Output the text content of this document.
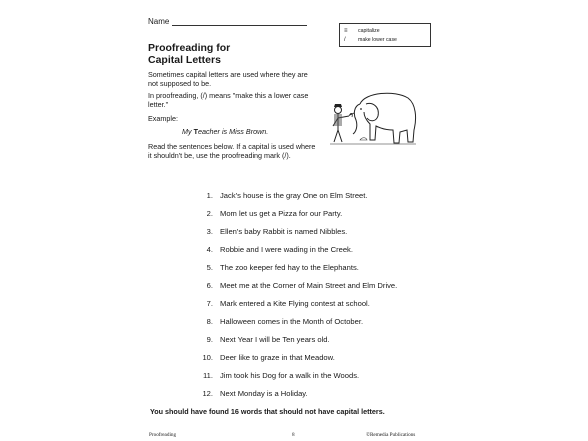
Name
Proofreading for
Capital Letters
Sometimes capital letters are used where they are not supposed to be.
In proofreading, (/) means "make this a lower case letter."
Example:
My Teacher is Miss Brown.
Read the sentences below. If a capital is used where it shouldn't be, use the proofreading mark (/).
≡	capitalize
/	make lower case
1. Jack's house is the gray One on Elm Street.
2. Mom let us get a Pizza for our Party.
3. Ellen's baby Rabbit is named Nibbles.
4. Robbie and I were wading in the Creek.
5. The zoo keeper fed hay to the Elephants.
6. Meet me at the Corner of Main Street and Elm Drive.
7. Mark entered a Kite Flying contest at school.
8. Halloween comes in the Month of October.
9. Next Year I will be Ten years old.
10. Deer like to graze in that Meadow.
11. Jim took his Dog for a walk in the Woods.
12. Next Monday is a Holiday.
You should have found 16 words that should not have capital letters.
Proofreading	8	©Remedia Publications
